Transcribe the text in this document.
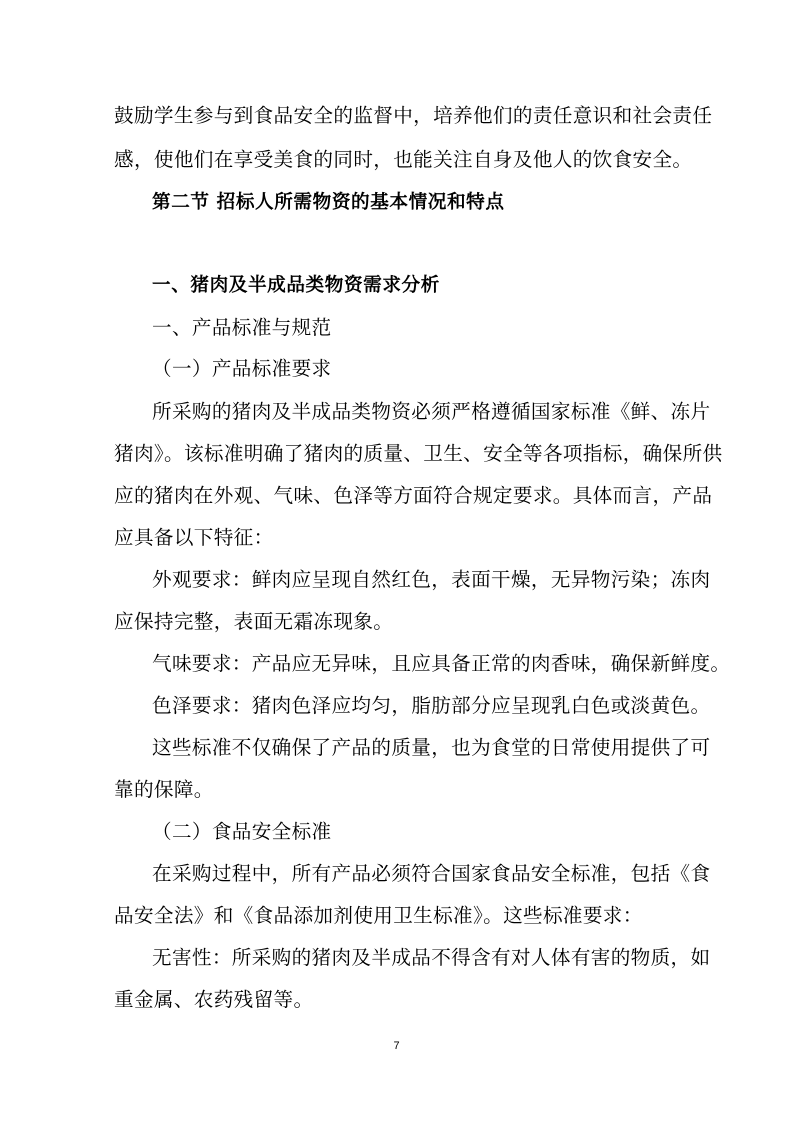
鼓励学生参与到食品安全的监督中，培养他们的责任意识和社会责任
感，使他们在享受美食的同时，也能关注自身及他人的饮食安全。
第二节 招标人所需物资的基本情况和特点
一、猪肉及半成品类物资需求分析
一、产品标准与规范
（一）产品标准要求
所采购的猪肉及半成品类物资必须严格遵循国家标准《鲜、冻片
猪肉》。该标准明确了猪肉的质量、卫生、安全等各项指标，确保所供
应的猪肉在外观、气味、色泽等方面符合规定要求。具体而言，产品
应具备以下特征：
外观要求：鲜肉应呈现自然红色，表面干燥，无异物污染；冻肉
应保持完整，表面无霜冻现象。
气味要求：产品应无异味，且应具备正常的肉香味，确保新鲜度。
色泽要求：猪肉色泽应均匀，脂肪部分应呈现乳白色或淡黄色。
这些标准不仅确保了产品的质量，也为食堂的日常使用提供了可
靠的保障。
（二）食品安全标准
在采购过程中，所有产品必须符合国家食品安全标准，包括《食
品安全法》和《食品添加剂使用卫生标准》。这些标准要求：
无害性：所采购的猪肉及半成品不得含有对人体有害的物质，如
重金属、农药残留等。
7
